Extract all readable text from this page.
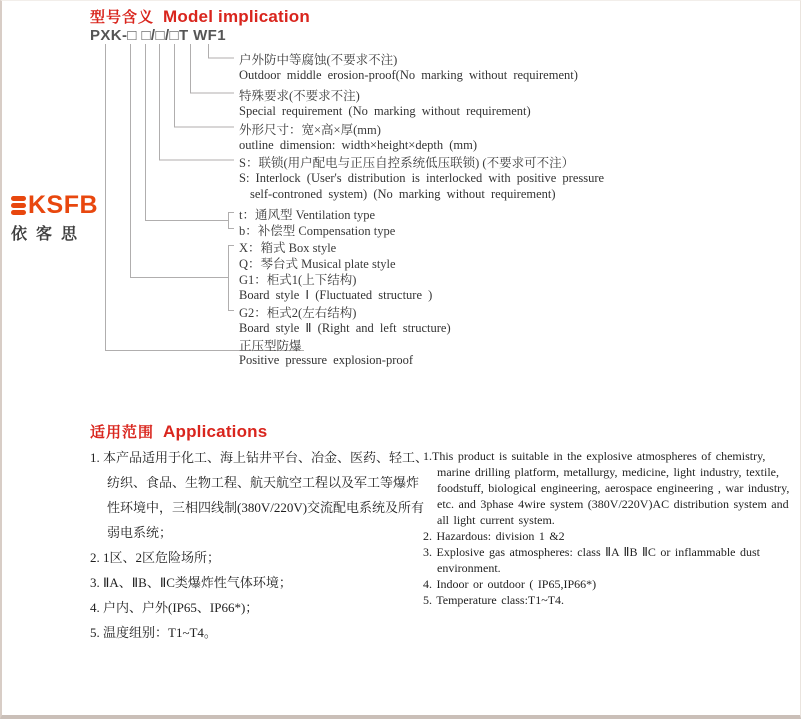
型号含义 Model implication
PXK-□ □/□/□T WF1
户外防中等腐蚀(不要求不注)
Outdoor middle erosion-proof(No marking without requirement)
特殊要求(不要求不注)
Special requirement (No marking without requirement)
外形尺寸：宽×高×厚(mm)
outline dimension: width×height×depth (mm)
S：联锁(用户配电与正压自控系统低压联锁) (不要求可不注）
S: Interlock (User's distribution is interlocked with positive pressure
self-controned system) (No marking without requirement)
t：通风型 Ventilation type
b：补偿型 Compensation type
X：箱式 Box style
Q：琴台式 Musical plate style
G1：柜式1(上下结构)
Board style Ⅰ (Fluctuated structure )
G2：柜式2(左右结构)
Board style Ⅱ (Right and left structure)
正压型防爆
Positive pressure explosion-proof
KSFB
依客思
适用范围 Applications
1. 本产品适用于化工、海上钻井平台、冶金、医药、轻工、纺织、食品、生物工程、航天航空工程以及军工等爆炸性环境中，三相四线制(380V/220V)交流配电系统及所有弱电系统；
2. 1区、2区危险场所；
3. ⅡA、ⅡB、ⅡC类爆炸性气体环境；
4. 户内、户外(IP65、IP66*)；
5. 温度组别：T1~T4。
1.This product is suitable in the explosive atmospheres of chemistry, marine drilling platform, metallurgy, medicine, light industry, textile, foodstuff, biological engineering, aerospace engineering , war industry, etc. and 3phase 4wire system (380V/220V)AC distribution system and all light current system.
2. Hazardous: division 1 &2
3. Explosive gas atmospheres: class ⅡA ⅡB ⅡC or inflammable dust environment.
4. Indoor or outdoor ( IP65,IP66*)
5. Temperature class:T1~T4.
